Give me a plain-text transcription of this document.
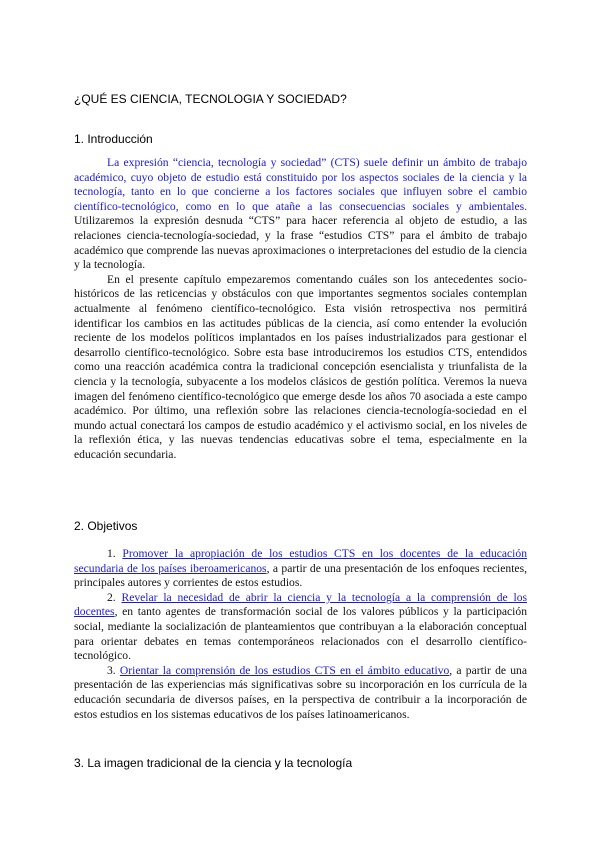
¿QUÉ ES CIENCIA, TECNOLOGIA Y SOCIEDAD?
1. Introducción

La expresión “ciencia, tecnología y sociedad” (CTS) suele definir un ámbito de trabajo académico, cuyo objeto de estudio está constituido por los aspectos sociales de la ciencia y la tecnología, tanto en lo que concierne a los factores sociales que influyen sobre el cambio científico-tecnológico, como en lo que atañe a las consecuencias sociales y ambientales. Utilizaremos la expresión desnuda “CTS” para hacer referencia al objeto de estudio, a las relaciones ciencia-tecnología-sociedad, y la frase “estudios CTS” para el ámbito de trabajo académico que comprende las nuevas aproximaciones o interpretaciones del estudio de la ciencia y la tecnología.

En el presente capítulo empezaremos comentando cuáles son los antecedentes socio-históricos de las reticencias y obstáculos con que importantes segmentos sociales contemplan actualmente al fenómeno científico-tecnológico. Esta visión retrospectiva nos permitirá identificar los cambios en las actitudes públicas de la ciencia, así como entender la evolución reciente de los modelos políticos implantados en los países industrializados para gestionar el desarrollo científico-tecnológico. Sobre esta base introduciremos los estudios CTS, entendidos como una reacción académica contra la tradicional concepción esencialista y triunfalista de la ciencia y la tecnología, subyacente a los modelos clásicos de gestión política. Veremos la nueva imagen del fenómeno científico-tecnológico que emerge desde los años 70 asociada a este campo académico. Por último, una reflexión sobre las relaciones ciencia-tecnología-sociedad en el mundo actual conectará los campos de estudio académico y el activismo social, en los niveles de la reflexión ética, y las nuevas tendencias educativas sobre el tema, especialmente en la educación secundaria.

2. Objetivos

1. Promover la apropiación de los estudios CTS en los docentes de la educación secundaria de los países iberoamericanos, a partir de una presentación de los enfoques recientes, principales autores y corrientes de estos estudios.

2. Revelar la necesidad de abrir la ciencia y la tecnología a la comprensión de los docentes, en tanto agentes de transformación social de los valores públicos y la participación social, mediante la socialización de planteamientos que contribuyan a la elaboración conceptual para orientar debates en temas contemporáneos relacionados con el desarrollo científico-tecnológico.

3. Orientar la comprensión de los estudios CTS en el ámbito educativo, a partir de una presentación de las experiencias más significativas sobre su incorporación en los currícula de la educación secundaria de diversos países, en la perspectiva de contribuir a la incorporación de estos estudios en los sistemas educativos de los países latinoamericanos.

3. La imagen tradicional de la ciencia y la tecnología
